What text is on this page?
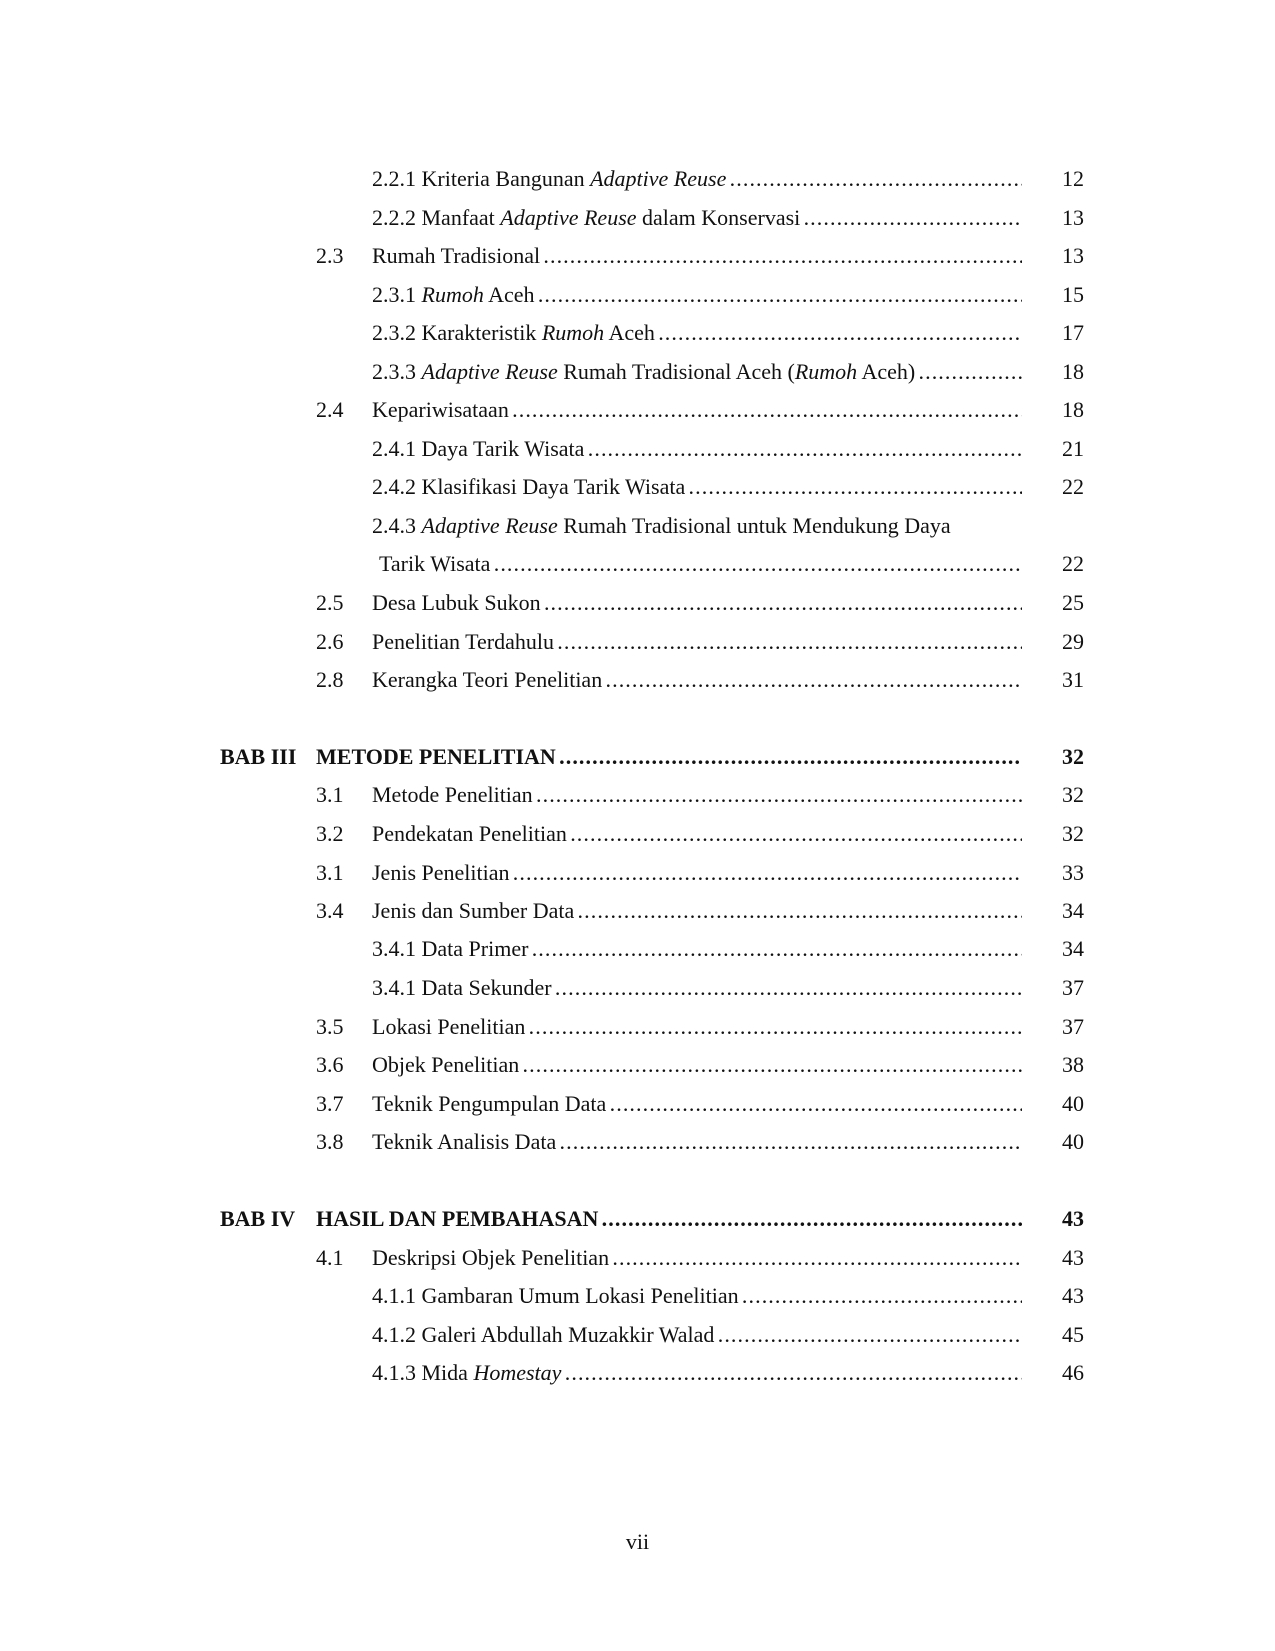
2.2.1 Kriteria Bangunan Adaptive Reuse . . .	12
2.2.2 Manfaat Adaptive Reuse dalam Konservasi . . .	13
2.3 Rumah Tradisional . . .	13
2.3.1 Rumoh Aceh . . .	15
2.3.2 Karakteristik Rumoh Aceh . . .	17
2.3.3 Adaptive Reuse Rumah Tradisional Aceh (Rumoh Aceh) . . .	18
2.4 Kepariwisataan . . .	18
2.4.1 Daya Tarik Wisata . . .	21
2.4.2 Klasifikasi Daya Tarik Wisata . . .	22
2.4.3 Adaptive Reuse Rumah Tradisional untuk Mendukung Daya
Tarik Wisata . . .	22
2.5 Desa Lubuk Sukon . . .	25
2.6 Penelitian Terdahulu . . .	29
2.8 Kerangka Teori Penelitian . . .	31
BAB III METODE PENELITIAN . . .	32
3.1 Metode Penelitian . . .	32
3.2 Pendekatan Penelitian . . .	32
3.1 Jenis Penelitian . . .	33
3.4 Jenis dan Sumber Data . . .	34
3.4.1 Data Primer . . .	34
3.4.1 Data Sekunder . . .	37
3.5 Lokasi Penelitian . . .	37
3.6 Objek Penelitian . . .	38
3.7 Teknik Pengumpulan Data . . .	40
3.8 Teknik Analisis Data . . .	40
BAB IV HASIL DAN PEMBAHASAN . . .	43
4.1 Deskripsi Objek Penelitian . . .	43
4.1.1 Gambaran Umum Lokasi Penelitian . . .	43
4.1.2 Galeri Abdullah Muzakkir Walad . . .	45
4.1.3 Mida Homestay . . .	46
vii
